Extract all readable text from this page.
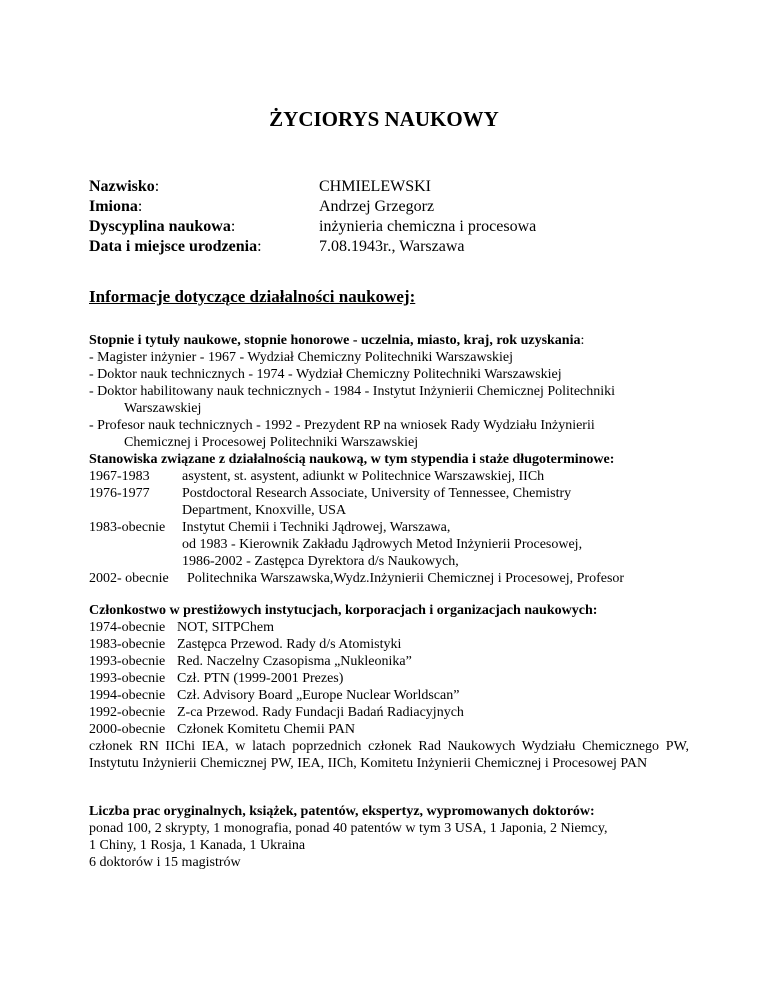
ŻYCIORYS NAUKOWY
Nazwisko:	CHMIELEWSKI
Imiona:	Andrzej Grzegorz
Dyscyplina naukowa:	inżynieria chemiczna i procesowa
Data i miejsce urodzenia:	7.08.1943r., Warszawa
Informacje dotyczące działalności naukowej:
Stopnie i tytuły naukowe, stopnie honorowe - uczelnia, miasto, kraj, rok uzyskania:
- Magister inżynier - 1967 - Wydział Chemiczny Politechniki Warszawskiej
- Doktor nauk technicznych - 1974 - Wydział Chemiczny Politechniki Warszawskiej
- Doktor habilitowany nauk technicznych - 1984 - Instytut Inżynierii Chemicznej Politechniki
Warszawskiej
- Profesor nauk technicznych - 1992 - Prezydent RP na wniosek Rady Wydziału Inżynierii
Chemicznej i Procesowej Politechniki Warszawskiej
Stanowiska związane z działalnością naukową, w tym stypendia i staże długoterminowe:
1967-1983	asystent, st. asystent, adiunkt w Politechnice Warszawskiej, IICh
1976-1977	Postdoctoral Research Associate, University of Tennessee, Chemistry
Department, Knoxville, USA
1983-obecnie	Instytut Chemii i Techniki Jądrowej, Warszawa,
od 1983 - Kierownik Zakładu Jądrowych Metod Inżynierii Procesowej,
1986-2002 - Zastępca Dyrektora d/s Naukowych,
2002- obecnie	Politechnika Warszawska,Wydz.Inżynierii Chemicznej i Procesowej, Profesor
Członkostwo w prestiżowych instytucjach, korporacjach i organizacjach naukowych:
1974-obecnie NOT, SITPChem
1983-obecnie Zastępca Przewod. Rady d/s Atomistyki
1993-obecnie Red. Naczelny Czasopisma „Nukleonika”
1993-obecnie Czł. PTN (1999-2001 Prezes)
1994-obecnie Czł. Advisory Board „Europe Nuclear Worldscan”
1992-obecnie Z-ca Przewod. Rady Fundacji Badań Radiacyjnych
2000-obecnie Członek Komitetu Chemii PAN
członek RN IIChi IEA, w latach poprzednich członek Rad Naukowych Wydziału Chemicznego PW, Instytutu Inżynierii Chemicznej PW, IEA, IICh, Komitetu Inżynierii Chemicznej i Procesowej PAN
Liczba prac oryginalnych, książek, patentów, ekspertyz, wypromowanych doktorów:
ponad 100, 2 skrypty, 1 monografia, ponad 40 patentów w tym 3 USA, 1 Japonia, 2 Niemcy,
1 Chiny, 1 Rosja, 1 Kanada, 1 Ukraina
6 doktorów i 15 magistrów
